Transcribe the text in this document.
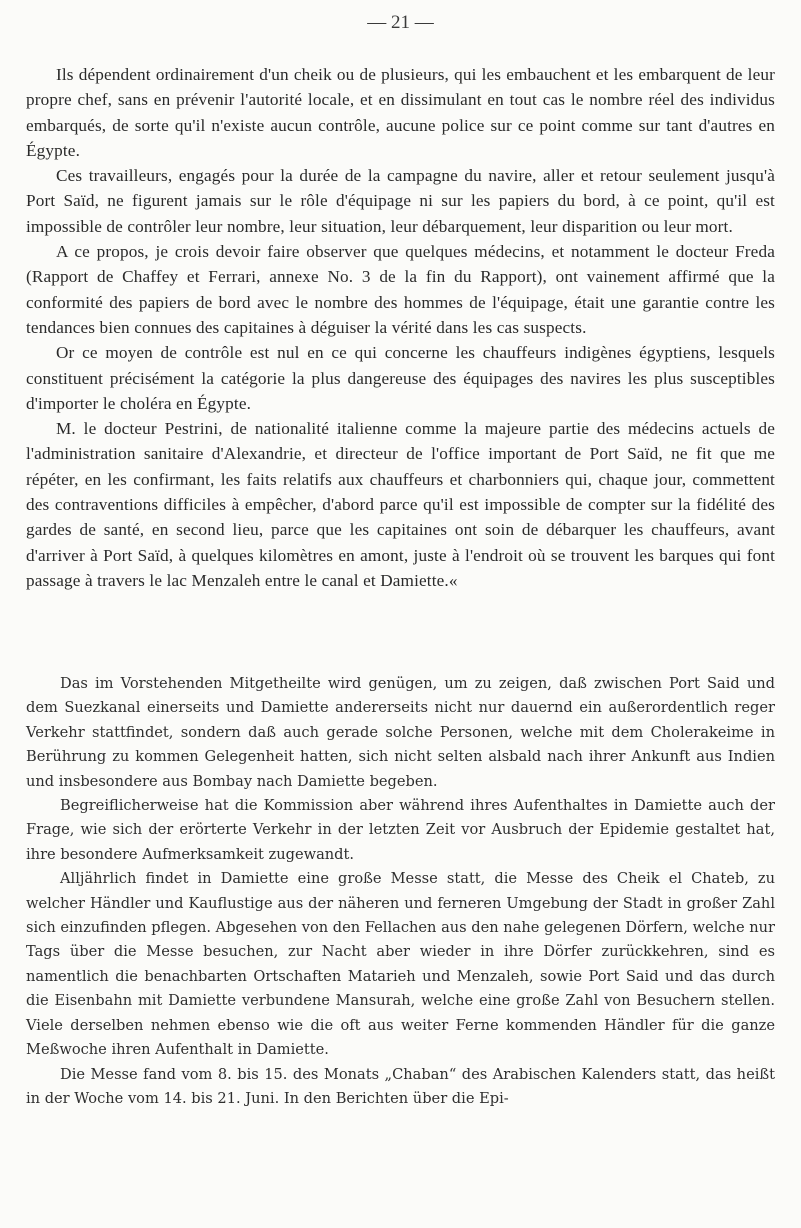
— 21 —

Ils dépendent ordinairement d'un cheik ou de plusieurs, qui les embauchent et les embarquent de leur propre chef, sans en prévenir l'autorité locale, et en dissimulant en tout cas le nombre réel des individus embarqués, de sorte qu'il n'existe aucun contrôle, aucune police sur ce point comme sur tant d'autres en Égypte.

Ces travailleurs, engagés pour la durée de la campagne du navire, aller et retour seulement jusqu'à Port Saïd, ne figurent jamais sur le rôle d'équipage ni sur les papiers du bord, à ce point, qu'il est impossible de contrôler leur nombre, leur situation, leur débarquement, leur disparition ou leur mort.

A ce propos, je crois devoir faire observer que quelques médecins, et notamment le docteur Freda (Rapport de Chaffey et Ferrari, annexe No. 3 de la fin du Rapport), ont vainement affirmé que la conformité des papiers de bord avec le nombre des hommes de l'équipage, était une garantie contre les tendances bien connues des capitaines à déguiser la vérité dans les cas suspects.

Or ce moyen de contrôle est nul en ce qui concerne les chauffeurs indigènes égyptiens, lesquels constituent précisément la catégorie la plus dangereuse des équipages des navires les plus susceptibles d'importer le choléra en Égypte.

M. le docteur Pestrini, de nationalité italienne comme la majeure partie des médecins actuels de l'administration sanitaire d'Alexandrie, et directeur de l'office important de Port Saïd, ne fit que me répéter, en les confirmant, les faits relatifs aux chauffeurs et charbonniers qui, chaque jour, commettent des contraventions difficiles à empêcher, d'abord parce qu'il est impossible de compter sur la fidélité des gardes de santé, en second lieu, parce que les capitaines ont soin de débarquer les chauffeurs, avant d'arriver à Port Saïd, à quelques kilomètres en amont, juste à l'endroit où se trouvent les barques qui font passage à travers le lac Menzaleh entre le canal et Damiette.«

Das im Vorstehenden Mitgetheilte wird genügen, um zu zeigen, daß zwischen Port Said und dem Suezkanal einerseits und Damiette andererseits nicht nur dauernd ein außerordentlich reger Verkehr stattfindet, sondern daß auch gerade solche Personen, welche mit dem Cholerakeime in Berührung zu kommen Gelegenheit hatten, sich nicht selten alsbald nach ihrer Ankunft aus Indien und insbesondere aus Bombay nach Damiette begeben.

Begreiflicherweise hat die Kommission aber während ihres Aufenthaltes in Damiette auch der Frage, wie sich der erörterte Verkehr in der letzten Zeit vor Ausbruch der Epidemie gestaltet hat, ihre besondere Aufmerksamkeit zugewandt.

Alljährlich findet in Damiette eine große Messe statt, die Messe des Cheik el Chateb, zu welcher Händler und Kauflustige aus der näheren und ferneren Umgebung der Stadt in großer Zahl sich einzufinden pflegen. Abgesehen von den Fellachen aus den nahe gelegenen Dörfern, welche nur Tags über die Messe besuchen, zur Nacht aber wieder in ihre Dörfer zurückkehren, sind es namentlich die benachbarten Ortschaften Matarieh und Menzaleh, sowie Port Said und das durch die Eisenbahn mit Damiette verbundene Mansurah, welche eine große Zahl von Besuchern stellen. Viele derselben nehmen ebenso wie die oft aus weiter Ferne kommenden Händler für die ganze Meßwoche ihren Aufenthalt in Damiette.

Die Messe fand vom 8. bis 15. des Monats „Chaban“ des Arabischen Kalenders statt, das heißt in der Woche vom 14. bis 21. Juni. In den Berichten über die Epi-
